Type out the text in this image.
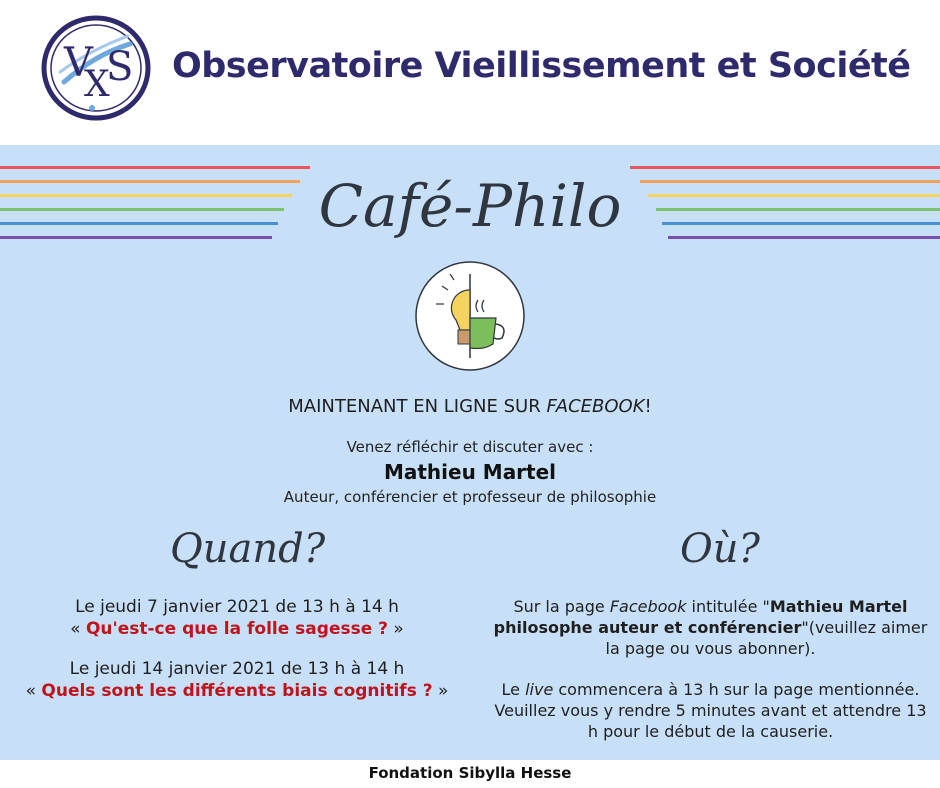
V
X
S Observatoire Vieillissement et Société
Café-Philo
MAINTENANT EN LIGNE SUR FACEBOOK!
Venez réfléchir et discuter avec :
Mathieu Martel
Auteur, conférencier et professeur de philosophie
Quand?	Où?
Le jeudi 7 janvier 2021 de 13 h à 14 h
« Qu'est-ce que la folle sagesse ? »
Le jeudi 14 janvier 2021 de 13 h à 14 h
« Quels sont les différents biais cognitifs ? »
Sur la page Facebook intitulée "Mathieu Martel philosophe auteur et conférencier"(veuillez aimer la page ou vous abonner).
Le live commencera à 13 h sur la page mentionnée. Veuillez vous y rendre 5 minutes avant et attendre 13 h pour le début de la causerie.
Fondation Sibylla Hesse
